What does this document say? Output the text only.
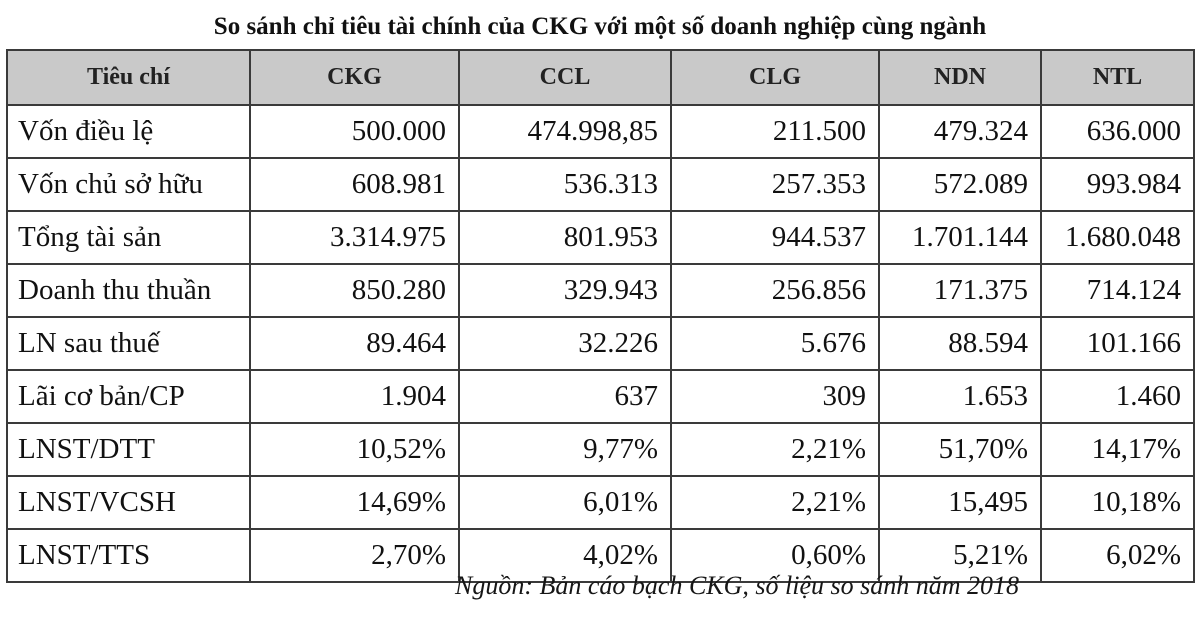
So sánh chỉ tiêu tài chính của CKG với một số doanh nghiệp cùng ngành
Tiêu chí	CKG	CCL	CLG	NDN	NTL
Vốn điều lệ	500.000	474.998,85	211.500	479.324	636.000
Vốn chủ sở hữu	608.981	536.313	257.353	572.089	993.984
Tổng tài sản	3.314.975	801.953	944.537	1.701.144	1.680.048
Doanh thu thuần	850.280	329.943	256.856	171.375	714.124
LN sau thuế	89.464	32.226	5.676	88.594	101.166
Lãi cơ bản/CP	1.904	637	309	1.653	1.460
LNST/DTT	10,52%	9,77%	2,21%	51,70%	14,17%
LNST/VCSH	14,69%	6,01%	2,21%	15,495	10,18%
LNST/TTS	2,70%	4,02%	0,60%	5,21%	6,02%
Nguồn: Bản cáo bạch CKG, số liệu so sánh năm 2018
